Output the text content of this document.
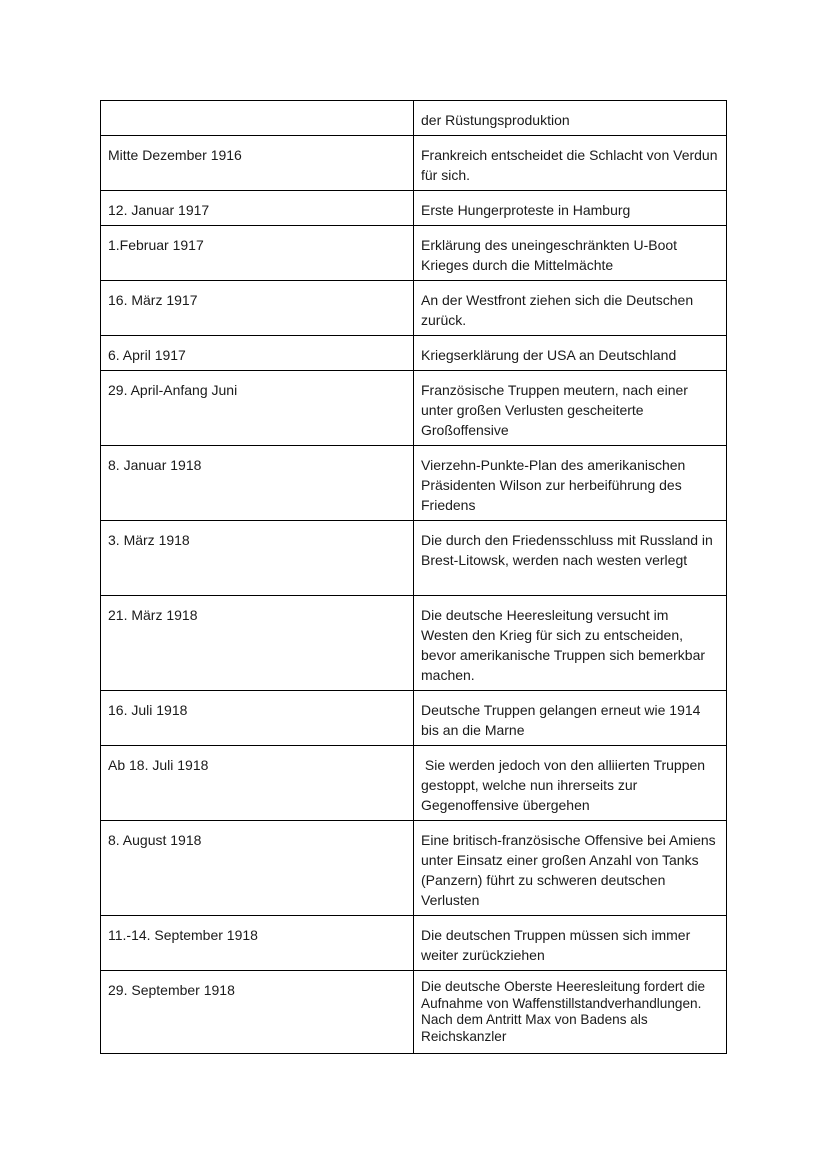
	der Rüstungsproduktion
Mitte Dezember 1916	Frankreich entscheidet die Schlacht von Verdun für sich.
12. Januar 1917	Erste Hungerproteste in Hamburg
1.Februar 1917	Erklärung des uneingeschränkten U-Boot Krieges durch die Mittelmächte
16. März 1917	An der Westfront ziehen sich die Deutschen zurück.
6. April 1917	Kriegserklärung der USA an Deutschland
29. April-Anfang Juni	Französische Truppen meutern, nach einer unter großen Verlusten gescheiterte Großoffensive
8. Januar 1918	Vierzehn-Punkte-Plan des amerikanischen Präsidenten Wilson zur herbeiführung des Friedens
3. März 1918	Die durch den Friedensschluss mit Russland in Brest-Litowsk, werden nach westen verlegt
21. März 1918	Die deutsche Heeresleitung versucht im Westen den Krieg für sich zu entscheiden, bevor amerikanische Truppen sich bemerkbar machen.
16. Juli 1918	Deutsche Truppen gelangen erneut wie 1914 bis an die Marne
Ab 18. Juli 1918	Sie werden jedoch von den alliierten Truppen gestoppt, welche nun ihrerseits zur Gegenoffensive übergehen
8. August 1918	Eine britisch-französische Offensive bei Amiens unter Einsatz einer großen Anzahl von Tanks (Panzern) führt zu schweren deutschen Verlusten
11.-14. September 1918	Die deutschen Truppen müssen sich immer weiter zurückziehen
29. September 1918	Die deutsche Oberste Heeresleitung fordert die Aufnahme von Waffenstillstandverhandlungen. Nach dem Antritt Max von Badens als Reichskanzler
